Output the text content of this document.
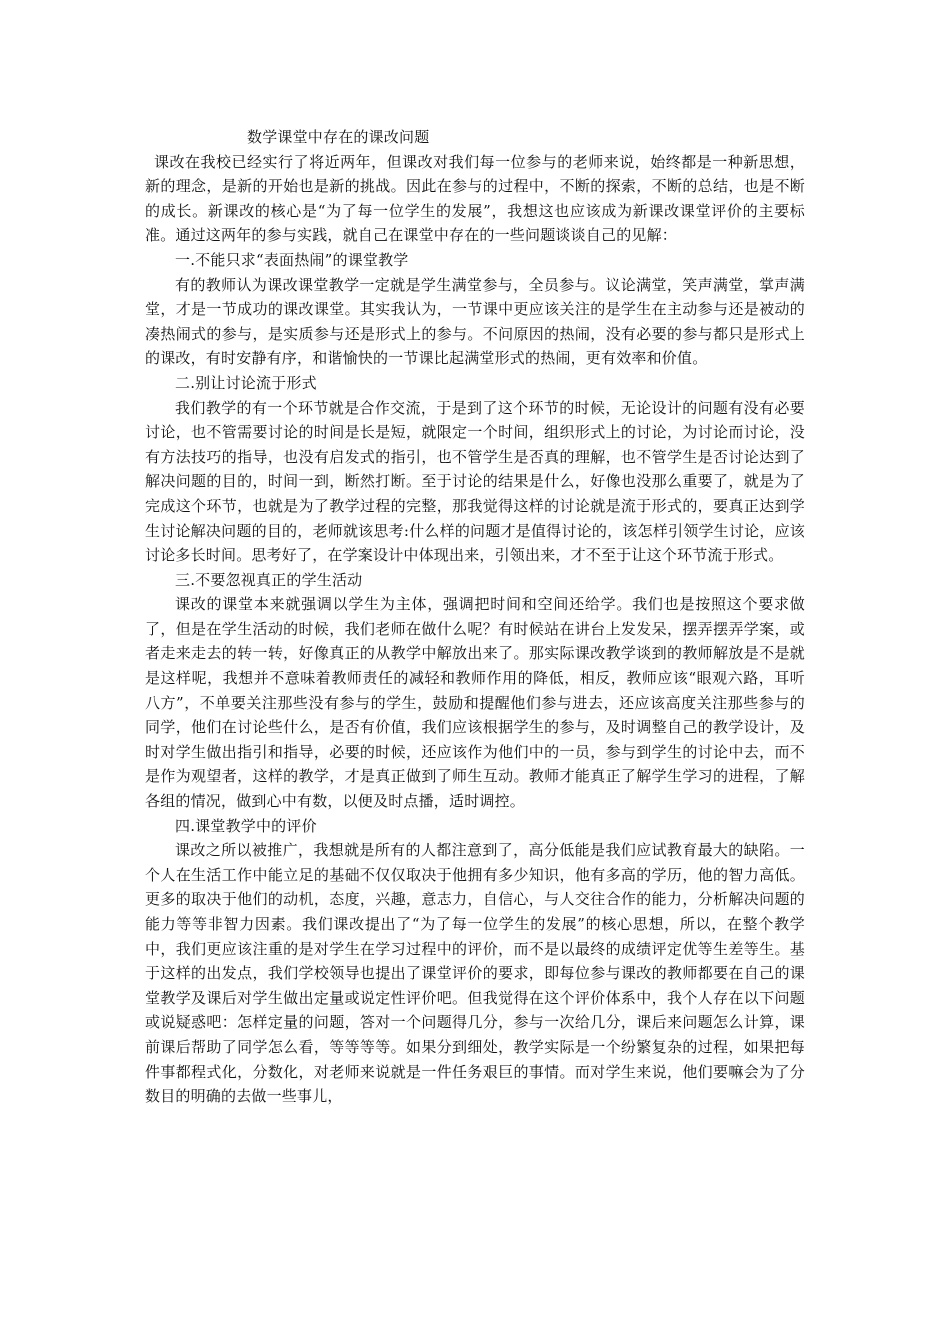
数学课堂中存在的课改问题

课改在我校已经实行了将近两年，但课改对我们每一位参与的老师来说，始终都是一种新思想，新的理念，是新的开始也是新的挑战。因此在参与的过程中，不断的探索，不断的总结，也是不断的成长。新课改的核心是“为了每一位学生的发展”，我想这也应该成为新课改课堂评价的主要标准。通过这两年的参与实践，就自己在课堂中存在的一些问题谈谈自己的见解：

一.不能只求“表面热闹”的课堂教学

有的教师认为课改课堂教学一定就是学生满堂参与，全员参与。议论满堂，笑声满堂，掌声满堂，才是一节成功的课改课堂。其实我认为，一节课中更应该关注的是学生在主动参与还是被动的凑热闹式的参与，是实质参与还是形式上的参与。不问原因的热闹，没有必要的参与都只是形式上的课改，有时安静有序，和谐愉快的一节课比起满堂形式的热闹，更有效率和价值。

二.别让讨论流于形式

我们教学的有一个环节就是合作交流，于是到了这个环节的时候，无论设计的问题有没有必要讨论，也不管需要讨论的时间是长是短，就限定一个时间，组织形式上的讨论，为讨论而讨论，没有方法技巧的指导，也没有启发式的指引，也不管学生是否真的理解，也不管学生是否讨论达到了解决问题的目的，时间一到，断然打断。至于讨论的结果是什么，好像也没那么重要了，就是为了完成这个环节，也就是为了教学过程的完整，那我觉得这样的讨论就是流于形式的，要真正达到学生讨论解决问题的目的，老师就该思考:什么样的问题才是值得讨论的，该怎样引领学生讨论，应该讨论多长时间。思考好了，在学案设计中体现出来，引领出来，才不至于让这个环节流于形式。

三.不要忽视真正的学生活动

课改的课堂本来就强调以学生为主体，强调把时间和空间还给学。我们也是按照这个要求做了，但是在学生活动的时候，我们老师在做什么呢？有时候站在讲台上发发呆，摆弄摆弄学案，或者走来走去的转一转，好像真正的从教学中解放出来了。那实际课改教学谈到的教师解放是不是就是这样呢，我想并不意味着教师责任的减轻和教师作用的降低，相反，教师应该“眼观六路，耳听八方”，不单要关注那些没有参与的学生，鼓励和提醒他们参与进去，还应该高度关注那些参与的同学，他们在讨论些什么，是否有价值，我们应该根据学生的参与，及时调整自己的教学设计，及时对学生做出指引和指导，必要的时候，还应该作为他们中的一员，参与到学生的讨论中去，而不是作为观望者，这样的教学，才是真正做到了师生互动。教师才能真正了解学生学习的进程，了解各组的情况，做到心中有数，以便及时点播，适时调控。

四.课堂教学中的评价

课改之所以被推广，我想就是所有的人都注意到了，高分低能是我们应试教育最大的缺陷。一个人在生活工作中能立足的基础不仅仅取决于他拥有多少知识，他有多高的学历，他的智力高低。更多的取决于他们的动机，态度，兴趣，意志力，自信心，与人交往合作的能力，分析解决问题的能力等等非智力因素。我们课改提出了“为了每一位学生的发展”的核心思想，所以，在整个教学中，我们更应该注重的是对学生在学习过程中的评价，而不是以最终的成绩评定优等生差等生。基于这样的出发点，我们学校领导也提出了课堂评价的要求，即每位参与课改的教师都要在自己的课堂教学及课后对学生做出定量或说定性评价吧。但我觉得在这个评价体系中，我个人存在以下问题或说疑惑吧：怎样定量的问题，答对一个问题得几分，参与一次给几分，课后来问题怎么计算，课前课后帮助了同学怎么看，等等等等。如果分到细处，教学实际是一个纷繁复杂的过程，如果把每件事都程式化，分数化，对老师来说就是一件任务艰巨的事情。而对学生来说，他们要嘛会为了分数目的明确的去做一些事儿，
